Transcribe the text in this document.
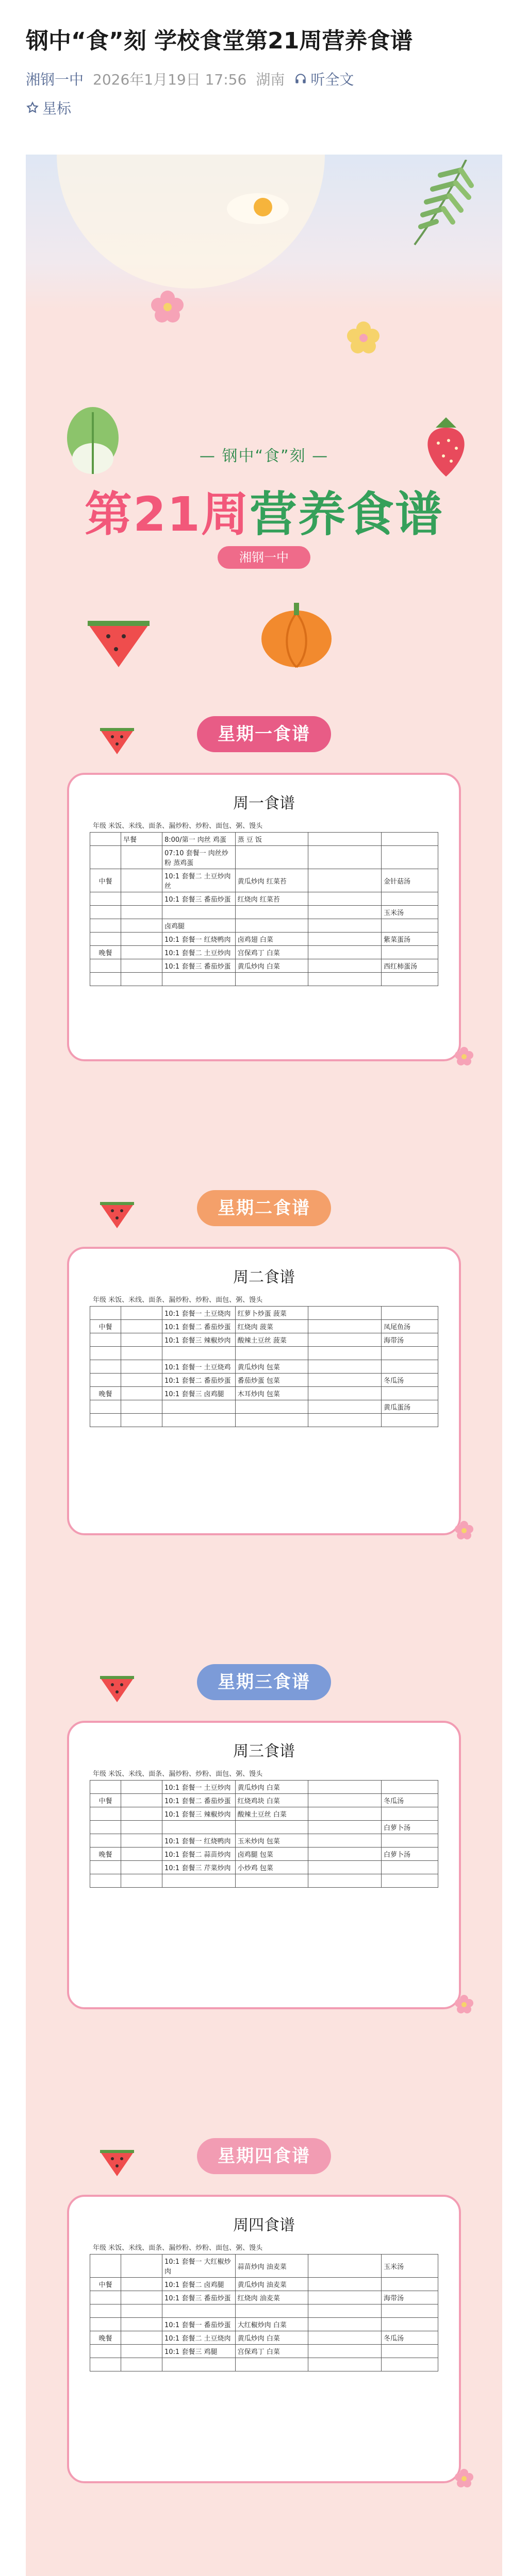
钢中“食”刻 学校食堂第21周营养食谱
湘钢一中 2026年1月19日 17:56 湖南 听全文
星标
— 钢中“食”刻 —
第21周营养食谱
湘钢一中
星期一食谱
周一食谱
年级 米饭、米线、面条、漏炒粉、炒粉、面包、粥、馒头
	早餐	8:00/第一 肉丝 鸡蛋	蒸 豆 饭		
		07:10 套餐一 肉丝炒粉 蒸鸡蛋			
中餐		10:1 套餐二 土豆炒肉丝	黄瓜炒肉 红菜苔		金针菇汤
		10:1 套餐三 番茄炒蛋	红烧肉 红菜苔		
					玉米汤
		卤鸡腿			
		10:1 套餐一 红烧鸭肉	卤鸡翅 白菜		紫菜蛋汤
晚餐		10:1 套餐二 土豆炒肉	宫保鸡丁 白菜		
		10:1 套餐三 番茄炒蛋	黄瓜炒肉 白菜		西红柿蛋汤

星期二食谱
周二食谱
年级 米饭、米线、面条、漏炒粉、炒粉、面包、粥、馒头
		10:1 套餐一 土豆烧肉	红萝卜炒蛋 菠菜		
中餐		10:1 套餐二 番茄炒蛋	红烧肉 菠菜		凤尾鱼汤
		10:1 套餐三 辣椒炒肉	酸辣土豆丝 菠菜		海带汤

		10:1 套餐一 土豆烧鸡	黄瓜炒肉 包菜		
		10:1 套餐二 番茄炒蛋	番茄炒蛋 包菜		冬瓜汤
晚餐		10:1 套餐三 卤鸡腿	木耳炒肉 包菜		
					黄瓜蛋汤

星期三食谱
周三食谱
年级 米饭、米线、面条、漏炒粉、炒粉、面包、粥、馒头
		10:1 套餐一 土豆炒肉	黄瓜炒肉 白菜		
中餐		10:1 套餐二 番茄炒蛋	红烧鸡块 白菜		冬瓜汤
		10:1 套餐三 辣椒炒肉	酸辣土豆丝 白菜		
					白萝卜汤
		10:1 套餐一 红烧鸭肉	玉米炒肉 包菜		
晚餐		10:1 套餐二 蒜苗炒肉	卤鸡腿 包菜		白萝卜汤
		10:1 套餐三 芹菜炒肉	小炒鸡 包菜		

星期四食谱
周四食谱
年级 米饭、米线、面条、漏炒粉、炒粉、面包、粥、馒头
		10:1 套餐一 大红椒炒肉	蒜苗炒肉 油麦菜		玉米汤
中餐		10:1 套餐二 卤鸡腿	黄瓜炒肉 油麦菜		
		10:1 套餐三 番茄炒蛋	红烧肉 油麦菜		海带汤

		10:1 套餐一 番茄炒蛋	大红椒炒肉 白菜		
晚餐		10:1 套餐二 土豆烧肉	黄瓜炒肉 白菜		冬瓜汤
		10:1 套餐三 鸡腿	宫保鸡丁 白菜		
